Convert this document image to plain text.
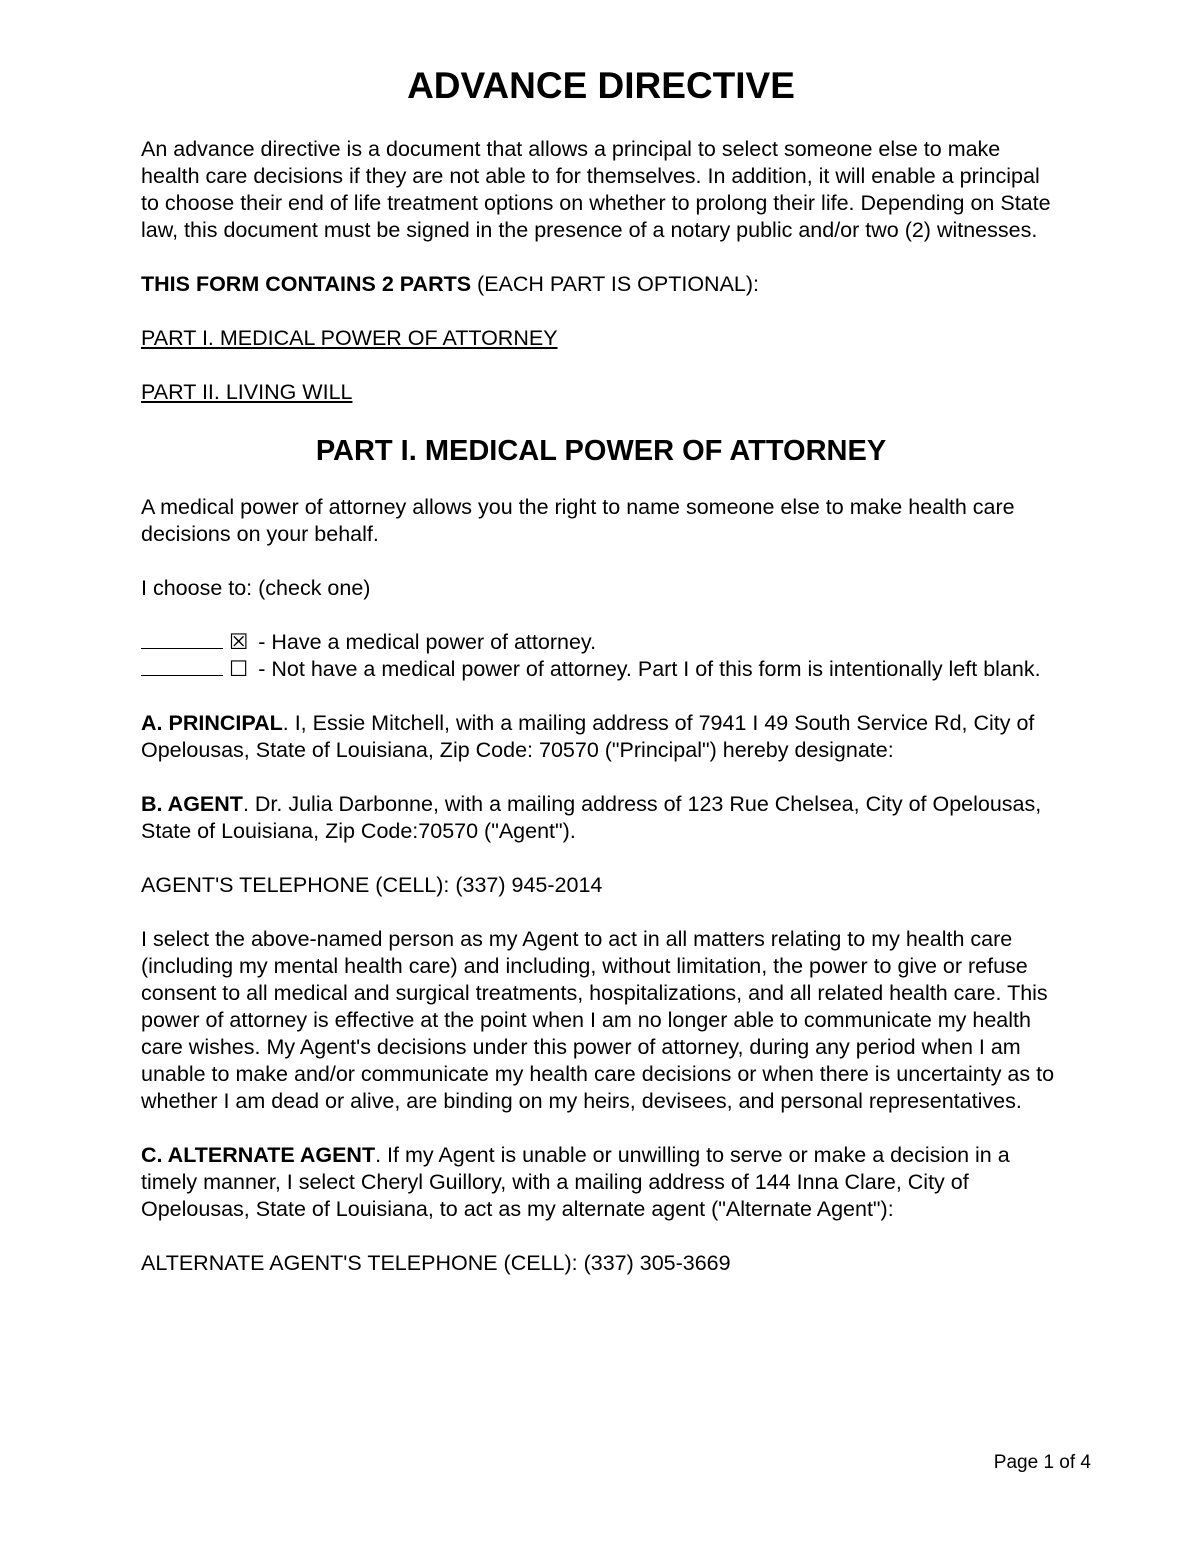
ADVANCE DIRECTIVE

An advance directive is a document that allows a principal to select someone else to make health care decisions if they are not able to for themselves. In addition, it will enable a principal to choose their end of life treatment options on whether to prolong their life. Depending on State law, this document must be signed in the presence of a notary public and/or two (2) witnesses.

THIS FORM CONTAINS 2 PARTS (EACH PART IS OPTIONAL):

PART I. MEDICAL POWER OF ATTORNEY

PART II. LIVING WILL

PART I. MEDICAL POWER OF ATTORNEY

A medical power of attorney allows you the right to name someone else to make health care decisions on your behalf.

I choose to: (check one)

☒ - Have a medical power of attorney.
☐ - Not have a medical power of attorney. Part I of this form is intentionally left blank.

A. PRINCIPAL. I, Essie Mitchell, with a mailing address of 7941 I 49 South Service Rd, City of Opelousas, State of Louisiana, Zip Code: 70570 ("Principal") hereby designate:

B. AGENT. Dr. Julia Darbonne, with a mailing address of 123 Rue Chelsea, City of Opelousas, State of Louisiana, Zip Code:70570 ("Agent").

AGENT'S TELEPHONE (CELL): (337) 945-2014

I select the above-named person as my Agent to act in all matters relating to my health care (including my mental health care) and including, without limitation, the power to give or refuse consent to all medical and surgical treatments, hospitalizations, and all related health care. This power of attorney is effective at the point when I am no longer able to communicate my health care wishes. My Agent's decisions under this power of attorney, during any period when I am unable to make and/or communicate my health care decisions or when there is uncertainty as to whether I am dead or alive, are binding on my heirs, devisees, and personal representatives.

C. ALTERNATE AGENT. If my Agent is unable or unwilling to serve or make a decision in a timely manner, I select Cheryl Guillory, with a mailing address of 144 Inna Clare, City of Opelousas, State of Louisiana, to act as my alternate agent ("Alternate Agent"):

ALTERNATE AGENT'S TELEPHONE (CELL): (337) 305-3669

Page 1 of 4
